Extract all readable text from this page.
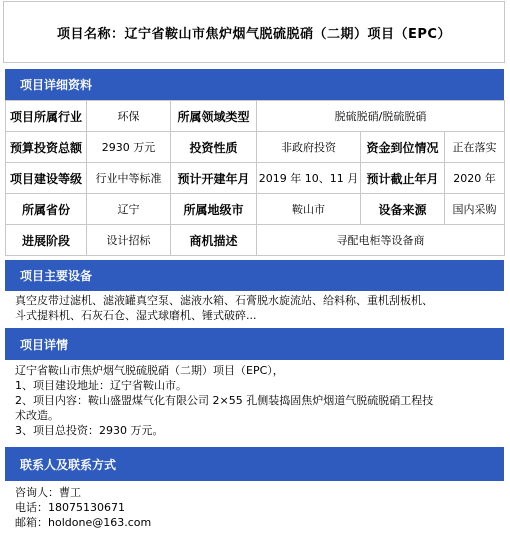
项目名称：辽宁省鞍山市焦炉烟气脱硫脱硝（二期）项目（EPC）
项目详细资料
项目所属行业	环保	所属领域类型	脱硫脱硝/脱硫脱硝		
预算投资总额	2930 万元	投资性质	非政府投资	资金到位情况	正在落实
项目建设等级	行业中等标准	预计开建年月	2019 年 10、11 月	预计截止年月	2020 年
所属省份	辽宁	所属地级市	鞍山市	设备来源	国内采购
进展阶段	设计招标	商机描述	寻配电柜等设备商		
项目主要设备
真空皮带过滤机、滤液罐真空泵、滤液水箱、石膏脱水旋流站、给料称、重机刮板机、
斗式提料机、石灰石仓、湿式球磨机、锤式破碎...
项目详情
辽宁省鞍山市焦炉烟气脱硫脱硝（二期）项目（EPC），
1、项目建设地址：辽宁省鞍山市。
2、项目内容：鞍山盛盟煤气化有限公司 2×55 孔侧装捣固焦炉烟道气脱硫脱硝工程技
术改造。
3、项目总投资：2930 万元。
联系人及联系方式
咨询人：曹工
电话：18075130671
邮箱：holdone@163.com
